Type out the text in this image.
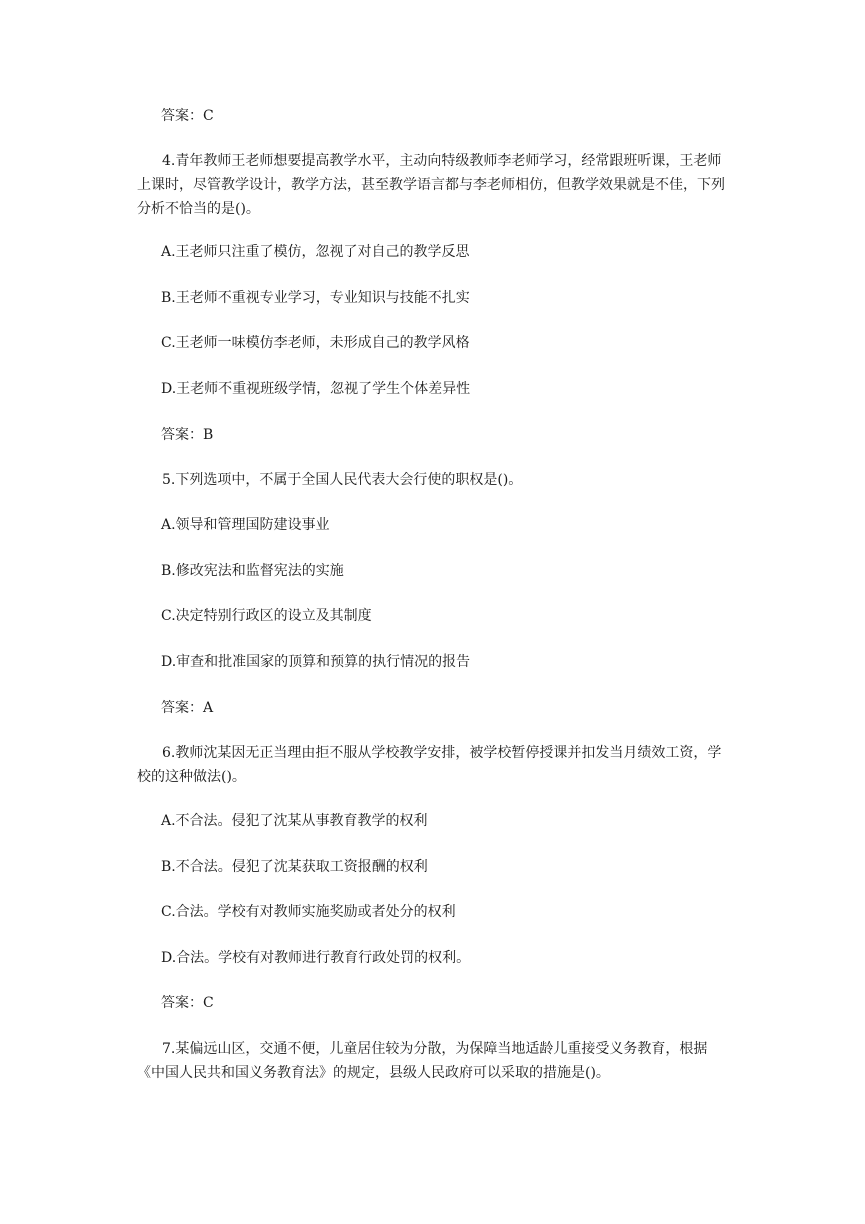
答案：C

4.青年教师王老师想要提高教学水平，主动向特级教师李老师学习，经常跟班听课，王老师上课时，尽管教学设计，教学方法，甚至教学语言都与李老师相仿，但教学效果就是不佳，下列分析不恰当的是()。

A.王老师只注重了模仿，忽视了对自己的教学反思

B.王老师不重视专业学习，专业知识与技能不扎实

C.王老师一味模仿李老师，未形成自己的教学风格

D.王老师不重视班级学情，忽视了学生个体差异性

答案：B

5.下列选项中，不属于全国人民代表大会行使的职权是()。

A.领导和管理国防建设事业

B.修改宪法和监督宪法的实施

C.决定特别行政区的设立及其制度

D.审查和批准国家的顶算和预算的执行情况的报告

答案：A

6.教师沈某因无正当理由拒不服从学校教学安排，被学校暂停授课并扣发当月绩效工资，学校的这种做法()。

A.不合法。侵犯了沈某从事教育教学的权利

B.不合法。侵犯了沈某获取工资报酬的权利

C.合法。学校有对教师实施奖励或者处分的权利

D.合法。学校有对教师进行教育行政处罚的权利。

答案：C

7.某偏远山区，交通不便，儿童居住较为分散，为保障当地适龄儿重接受义务教育，根据《中国人民共和国义务教育法》的规定，县级人民政府可以采取的措施是()。
